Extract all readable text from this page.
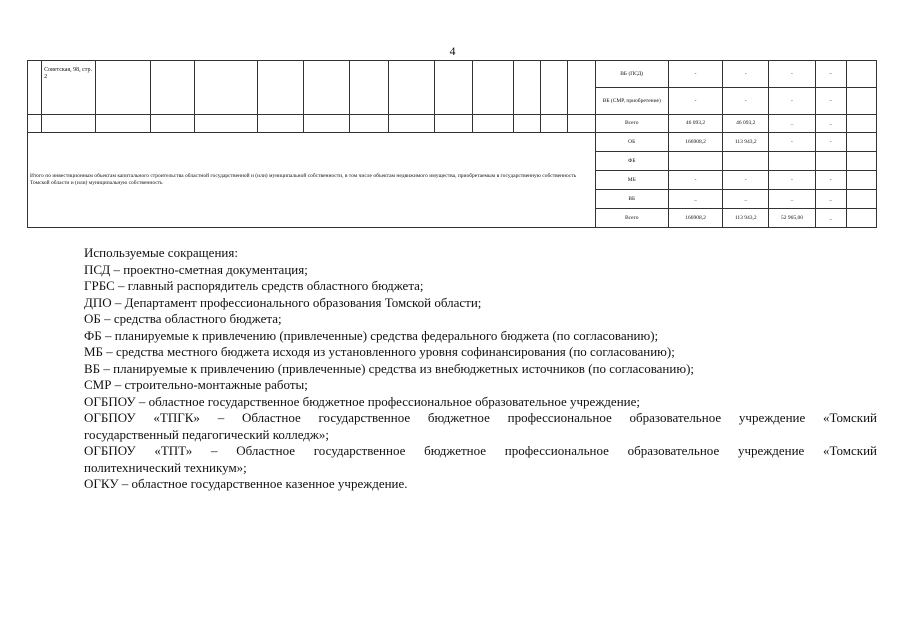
4
	Советская, 98, стр. 2													ВБ (ПСД)	-	-	-	–	
														ВБ (СМР, приобретение)	-	-	-	–	
														Всего	46 093,2	46 093,2	_	_	
Итого по инвестиционным объектам капитального строительства областной государственной и (или) муниципальной собственности, в том числе объектам недвижимого имущества, приобретаемым в государственную собственность Томской области и (или) муниципальную собственность														ОБ	166908,2	113 943,2	-	-	
														ФБ					
														МБ	-	-	-	-	
														ВБ	_	_	_	_	
														Всего	166908,2	113 943,2	52 965,00	_	

Используемые сокращения:

ПСД – проектно-сметная документация;

ГРБС – главный распорядитель средств областного бюджета;

ДПО – Департамент профессионального образования Томской области;

ОБ – средства областного бюджета;

ФБ – планируемые к привлечению (привлеченные) средства федерального бюджета (по согласованию);

МБ – средства местного бюджета исходя из установленного уровня софинансирования (по согласованию);

ВБ – планируемые к привлечению (привлеченные) средства из внебюджетных источников (по согласованию);

СМР – строительно-монтажные работы;

ОГБПОУ – областное государственное бюджетное профессиональное образовательное учреждение;

ОГБПОУ «ТПГК» – Областное государственное бюджетное профессиональное образовательное учреждение «Томский

государственный педагогический колледж»;

ОГБПОУ «ТПТ» – Областное государственное бюджетное профессиональное образовательное учреждение «Томский

политехнический техникум»;

ОГКУ – областное государственное казенное учреждение.
